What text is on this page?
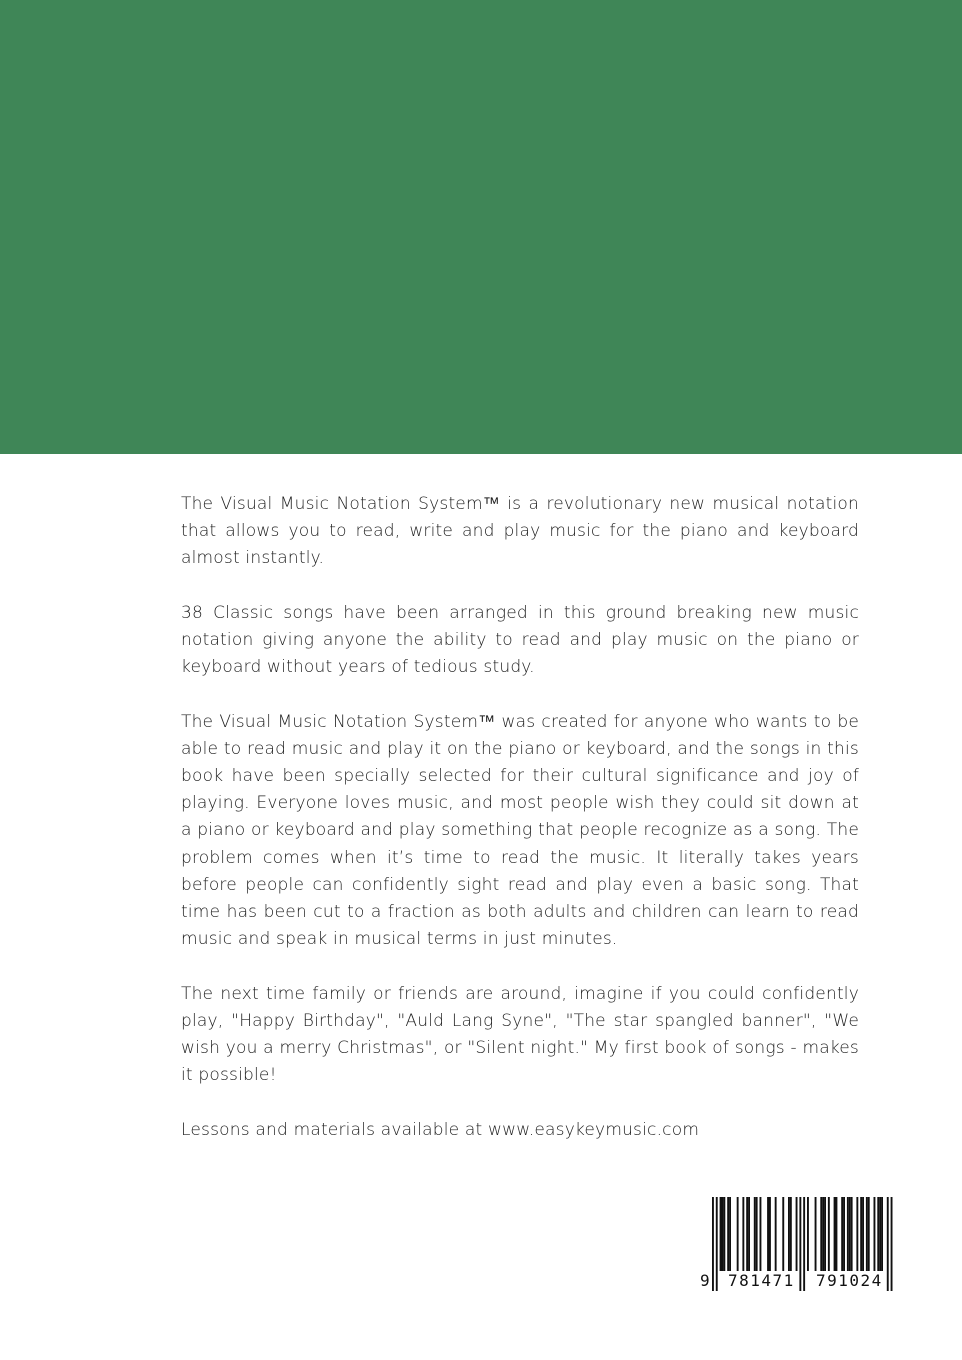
The Visual Music Notation System™ is a revolutionary new musical notation that allows you to read, write and play music for the piano and keyboard almost instantly.

38 Classic songs have been arranged in this ground breaking new music notation giving anyone the ability to read and play music on the piano or keyboard without years of tedious study.

The Visual Music Notation System™ was created for anyone who wants to be able to read music and play it on the piano or keyboard, and the songs in this book have been specially selected for their cultural significance and joy of playing. Everyone loves music, and most people wish they could sit down at a piano or keyboard and play something that people recognize as a song. The problem comes when it’s time to read the music. It literally takes years before people can confidently sight read and play even a basic song. That time has been cut to a fraction as both adults and children can learn to read music and speak in musical terms in just minutes.

The next time family or friends are around, imagine if you could confidently play, "Happy Birthday", "Auld Lang Syne", "The star spangled banner", "We wish you a merry Christmas", or "Silent night." My first book of songs - makes it possible!

Lessons and materials available at www.easykeymusic.com

9 781471 791024
